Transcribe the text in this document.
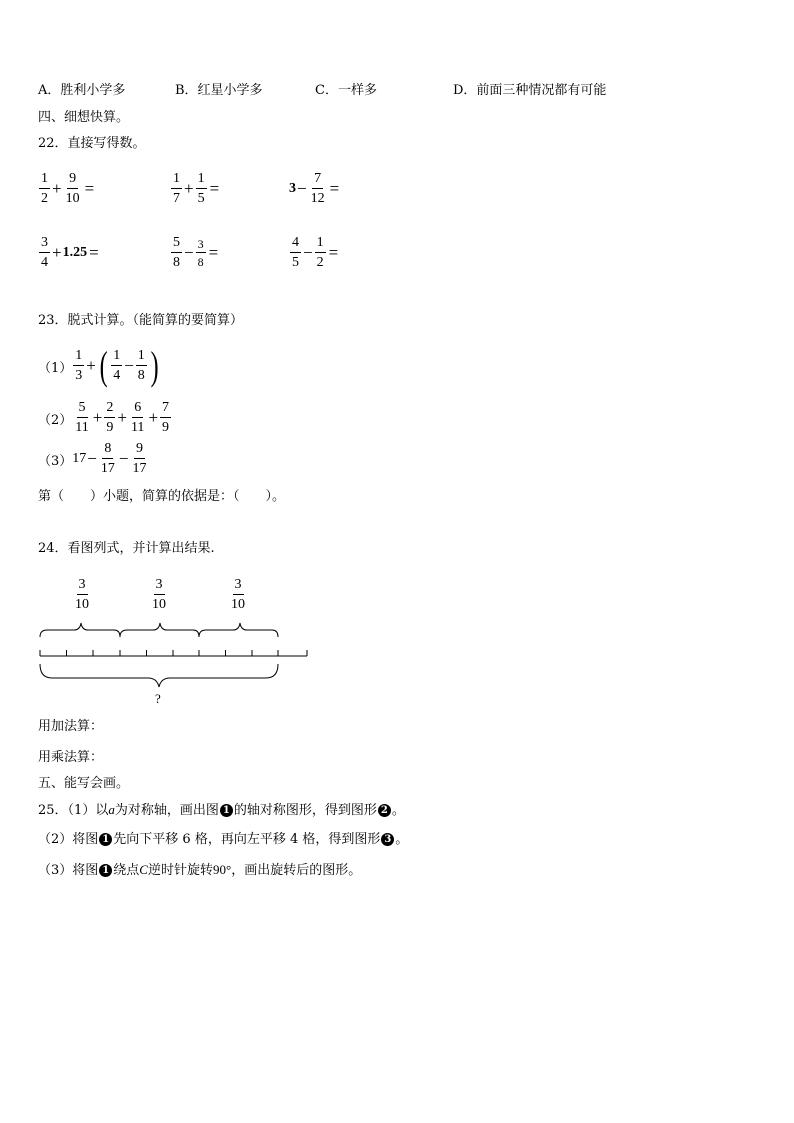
A．胜利小学多	B．红星小学多	C．一样多	D．前面三种情况都有可能
四、细想快算。
22．直接写得数。
$\frac{1}{2} + \frac{9}{10}$ =	$\frac{1}{7} + \frac{1}{5}$ =	$3 - \frac{7}{12}$ =
$\frac{3}{4} + 1.25$ =	$\frac{5}{8} - \frac{3}{8}$ =	$\frac{4}{5} - \frac{1}{2}$ =
23．脱式计算。（能简算的要简算）
$(1) \frac{1}{3}$ + ( $\frac{1}{4} - \frac{1}{8}$ )
$(2) \frac{5}{11} + \frac{2}{9} + \frac{6}{11} + \frac{7}{9}$
（3） $17 - \frac{8}{17} - \frac{9}{17}$
第（　　）小题，简算的依据是：（　　）。
24．看图列式，并计算出结果.
$\frac{3}{10}$	$\frac{3}{10}$	$\frac{3}{10}$
?
用加法算：
用乘法算：
五、能写会画。
25．（1）以a为对称轴，画出图 1 的轴对称图形，得到图形 2 。
（2）将图 1 先向下平移 6 格，再向左平移 4 格，得到图形 3 。
（3）将图 1 绕点C逆时针旋转90°，画出旋转后的图形。
